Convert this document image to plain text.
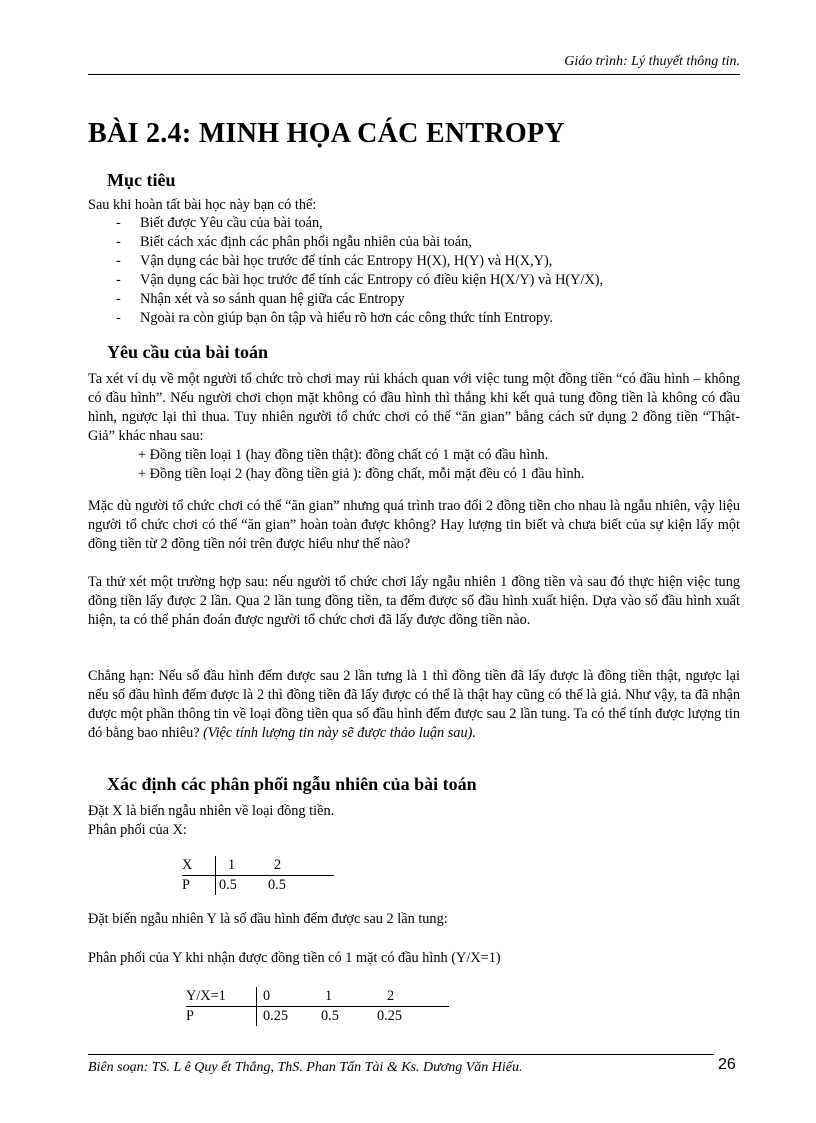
Giáo trình: Lý thuyết thông tin.
BÀI 2.4: MINH HỌA CÁC ENTROPY
Mục tiêu
Sau khi hoàn tất bài học này bạn có thể:
- Biết được Yêu cầu của bài toán,
- Biết cách xác định các phân phối ngẫu nhiên của bài toán,
- Vận dụng các bài học trước để tính các Entropy H(X), H(Y) và H(X,Y),
- Vận dụng các bài học trước để tính các Entropy có điều kiện H(X/Y) và H(Y/X),
- Nhận xét và so sánh quan hệ giữa các Entropy
- Ngoài ra còn giúp bạn ôn tập và hiểu rõ hơn các công thức tính Entropy.
Yêu cầu của bài toán

Ta xét ví dụ về một người tổ chức trò chơi may rủi khách quan với việc tung một đồng tiền “có đầu hình – không có đầu hình”. Nếu người chơi chọn mặt không có đầu hình thì thắng khi kết quả tung đồng tiền là không có đầu hình, ngược lại thì thua. Tuy nhiên người tổ chức chơi có thể “ăn gian” bằng cách sử dụng 2 đồng tiền “Thật- Giả” khác nhau sau:

+ Đồng tiền loại 1 (hay đồng tiền thật): đồng chất có 1 mặt có đầu hình.

+ Đồng tiền loại 2 (hay đồng tiền giả ): đồng chất, mỗi mặt đều có 1 đầu hình.

Mặc dù người tổ chức chơi có thể “ăn gian” nhưng quá trình trao đổi 2 đồng tiền cho nhau là ngẫu nhiên, vậy liệu người tổ chức chơi có thể “ăn gian” hoàn toàn được không? Hay lượng tin biết và chưa biết của sự kiện lấy một đồng tiền từ 2 đồng tiền nói trên được hiểu như thế nào?
Ta thử xét một trường hợp sau: nếu người tổ chức chơi lấy ngẫu nhiên 1 đồng tiền và sau đó thực hiện việc tung đồng tiền lấy được 2 lần. Qua 2 lần tung đồng tiền, ta đếm được số đầu hình xuất hiện. Dựa vào số đầu hình xuất hiện, ta có thể phán đoán được người tổ chức chơi đã lấy được đồng tiền nào.
Chẳng hạn: Nếu số đầu hình đếm được sau 2 lần tưng là 1 thì đồng tiền đã lấy được là đồng tiền thật, ngược lại nếu số đầu hình đếm được là 2 thì đồng tiền đã lấy được có thể là thật hay cũng có thể là giả. Như vậy, ta đã nhận được một phần thông tin về loại đồng tiền qua số đầu hình đếm được sau 2 lần tung. Ta có thể tính được lượng tin đó bằng bao nhiêu? (Việc tính lượng tin này sẽ được thảo luận sau).
Xác định các phân phối ngẫu nhiên của bài toán

Đặt X là biến ngẫu nhiên về loại đồng tiền.

Phân phối của X:

X	1	2
P	0.5	0.5
Đặt biến ngẫu nhiên Y là số đầu hình đếm được sau 2 lần tung:
Phân phối của Y khi nhận được đồng tiền có 1 mặt có đầu hình (Y/X=1)
Y/X=1	0	1	2
P	0.25	0.5	0.25
Biên soạn: TS. L ê Quy ết Thắng, ThS. Phan Tấn Tài & Ks. Dương Văn Hiếu.	26
